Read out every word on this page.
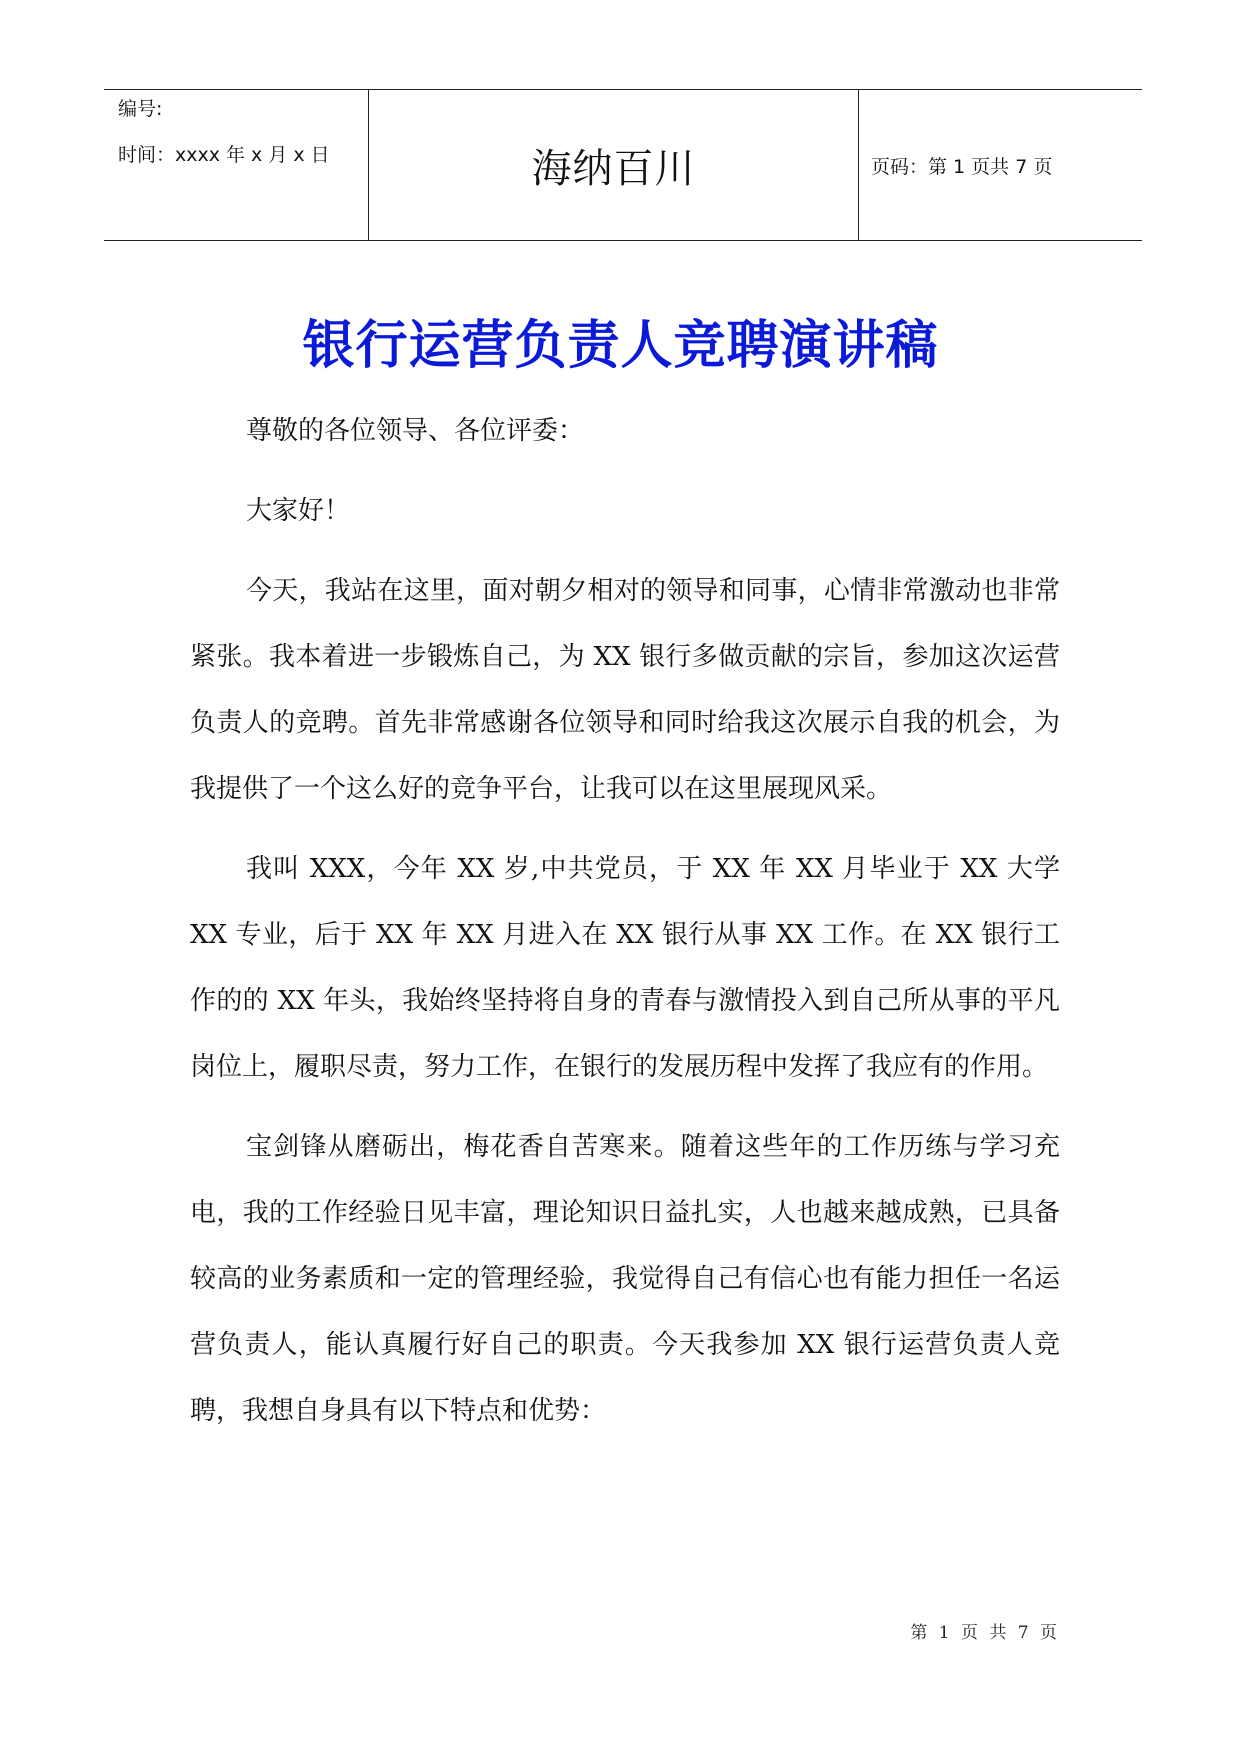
编号:
时间：xxxx 年 x 月 x 日	海纳百川	页码：第 1 页共 7 页
银行运营负责人竞聘演讲稿

尊敬的各位领导、各位评委：

大家好！

今天，我站在这里，面对朝夕相对的领导和同事，心情非常激动也非常紧张。我本着进一步锻炼自己，为 XX 银行多做贡献的宗旨，参加这次运营负责人的竞聘。首先非常感谢各位领导和同时给我这次展示自我的机会，为我提供了一个这么好的竞争平台，让我可以在这里展现风采。

我叫 XXX，今年 XX 岁,中共党员，于 XX 年 XX 月毕业于 XX 大学 XX 专业，后于 XX 年 XX 月进入在 XX 银行从事 XX 工作。在 XX 银行工作的的 XX 年头，我始终坚持将自身的青春与激情投入到自己所从事的平凡岗位上，履职尽责，努力工作，在银行的发展历程中发挥了我应有的作用。

宝剑锋从磨砺出，梅花香自苦寒来。随着这些年的工作历练与学习充电，我的工作经验日见丰富，理论知识日益扎实，人也越来越成熟，已具备较高的业务素质和一定的管理经验，我觉得自己有信心也有能力担任一名运营负责人，能认真履行好自己的职责。今天我参加 XX 银行运营负责人竞聘，我想自身具有以下特点和优势：

第 1 页 共 7 页
